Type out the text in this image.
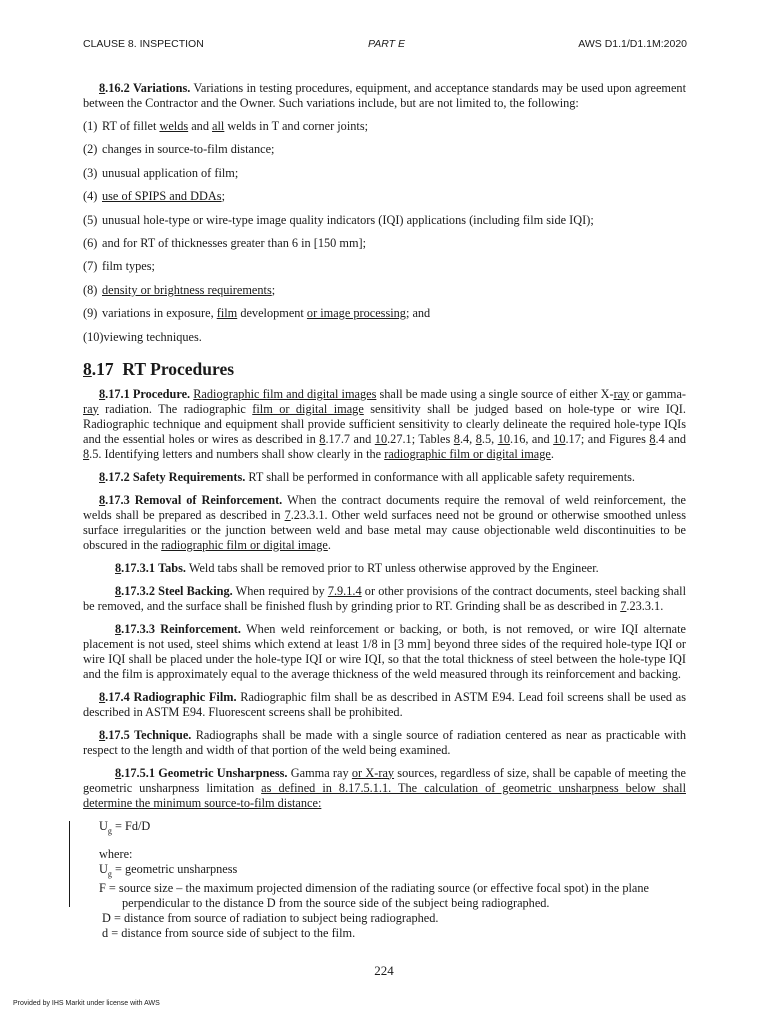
CLAUSE 8. INSPECTION	PART E	AWS D1.1/D1.1M:2020

8.16.2 Variations. Variations in testing procedures, equipment, and acceptance standards may be used upon agreement between the Contractor and the Owner. Such variations include, but are not limited to, the following:

(1) RT of fillet welds and all welds in T and corner joints;
(2) changes in source-to-film distance;
(3) unusual application of film;
(4) use of SPIPS and DDAs;
(5) unusual hole-type or wire-type image quality indicators (IQI) applications (including film side IQI);
(6) and for RT of thicknesses greater than 6 in [150 mm];
(7) film types;
(8) density or brightness requirements;
(9) variations in exposure, film development or image processing; and
(10) viewing techniques.
8.17 RT Procedures

8.17.1 Procedure. Radiographic film and digital images shall be made using a single source of either X-ray or gamma-ray radiation. The radiographic film or digital image sensitivity shall be judged based on hole-type or wire IQI. Radiographic technique and equipment shall provide sufficient sensitivity to clearly delineate the required hole-type IQIs and the essential holes or wires as described in 8.17.7 and 10.27.1; Tables 8.4, 8.5, 10.16, and 10.17; and Figures 8.4 and 8.5. Identifying letters and numbers shall show clearly in the radiographic film or digital image.

8.17.2 Safety Requirements. RT shall be performed in conformance with all applicable safety requirements.

8.17.3 Removal of Reinforcement. When the contract documents require the removal of weld reinforcement, the welds shall be prepared as described in 7.23.3.1. Other weld surfaces need not be ground or otherwise smoothed unless surface irregularities or the junction between weld and base metal may cause objectionable weld discontinuities to be obscured in the radiographic film or digital image.

8.17.3.1 Tabs. Weld tabs shall be removed prior to RT unless otherwise approved by the Engineer.

8.17.3.2 Steel Backing. When required by 7.9.1.4 or other provisions of the contract documents, steel backing shall be removed, and the surface shall be finished flush by grinding prior to RT. Grinding shall be as described in 7.23.3.1.

8.17.3.3 Reinforcement. When weld reinforcement or backing, or both, is not removed, or wire IQI alternate placement is not used, steel shims which extend at least 1/8 in [3 mm] beyond three sides of the required hole-type IQI or wire IQI shall be placed under the hole-type IQI or wire IQI, so that the total thickness of steel between the hole-type IQI and the film is approximately equal to the average thickness of the weld measured through its reinforcement and backing.

8.17.4 Radiographic Film. Radiographic film shall be as described in ASTM E94. Lead foil screens shall be used as described in ASTM E94. Fluorescent screens shall be prohibited.

8.17.5 Technique. Radiographs shall be made with a single source of radiation centered as near as practicable with respect to the length and width of that portion of the weld being examined.

8.17.5.1 Geometric Unsharpness. Gamma ray or X-ray sources, regardless of size, shall be capable of meeting the geometric unsharpness limitation as defined in 8.17.5.1.1. The calculation of geometric unsharpness below shall determine the minimum source-to-film distance:

$U_g = Fd/D$

where:

$U_g$ = geometric unsharpness

F = source size – the maximum projected dimension of the radiating source (or effective focal spot) in the plane perpendicular to the distance D from the source side of the subject being radiographed.

D = distance from source of radiation to subject being radiographed.

d = distance from source side of subject to the film.

224
Provided by IHS Markit under license with AWS
